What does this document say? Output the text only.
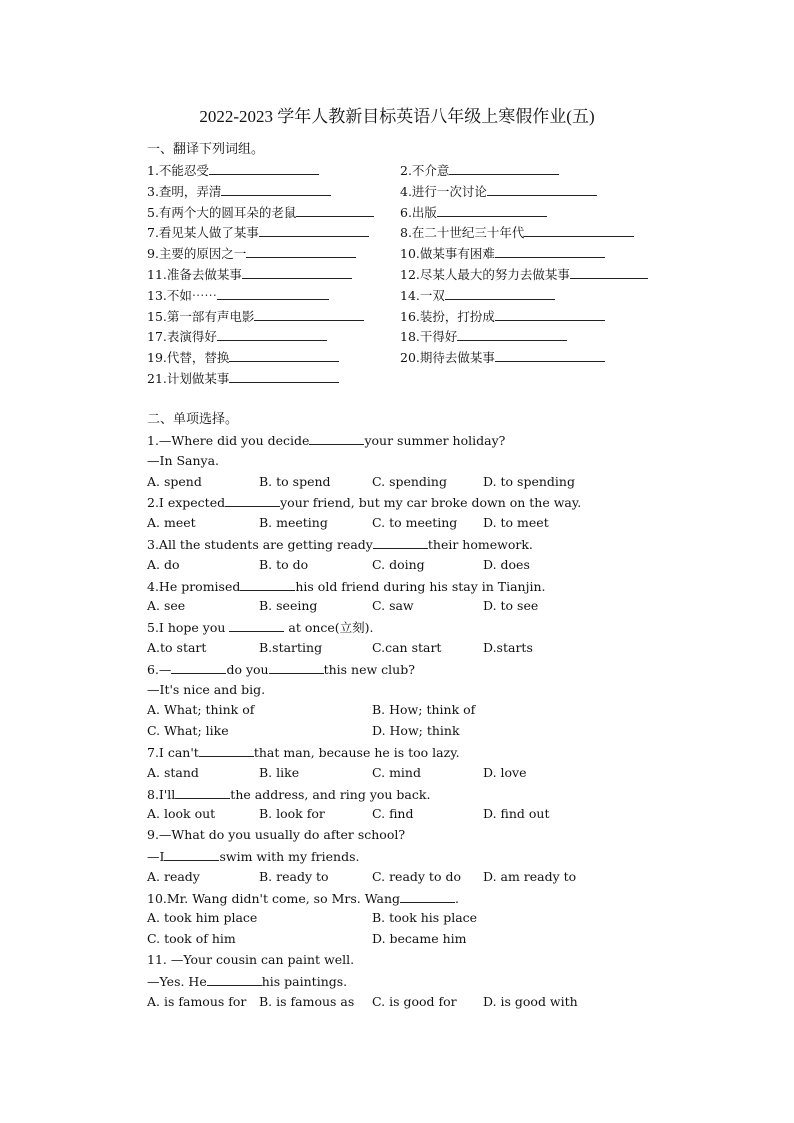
2022-2023 学年人教新目标英语八年级上寒假作业(五)
一、翻译下列词组。
1.不能忍受	2.不介意
3.查明，弄清	4.进行一次讨论
5.有两个大的圆耳朵的老鼠	6.出版
7.看见某人做了某事	8.在二十世纪三十年代
9.主要的原因之一	10.做某事有困难
11.准备去做某事	12.尽某人最大的努力去做某事
13.不如⋯⋯	14.一双
15.第一部有声电影	16.装扮，打扮成
17.表演得好	18.干得好
19.代替，替换	20.期待去做某事
21.计划做某事
二、单项选择。
1.—Where did you decide	your summer holiday?
—In Sanya.
A. spend	B. to spend	C. spending	D. to spending
2.I expected	your friend, but my car broke down on the way.
A. meet	B. meeting	C. to meeting D. to meet
3.All the students are getting ready	their homework.
A. do	B. to do	C. doing	D. does
4.He promised	his old friend during his stay in Tianjin.
A. see	B. seeing	C. saw	D. to see
5.I hope you	at once(立刻).
A.to start	B.starting	C.can start	D.starts
6.—	do you	this new club?
—It's nice and big.
A. What; think of	B. How; think of
C. What; like	D. How; think
7.I can't	that man, because he is too lazy.
A. stand	B. like	C. mind	D. love
8.I'll	the address, and ring you back.
A. look out	B. look for	C. find	D. find out
9.—What do you usually do after school?
—I	swim with my friends.
A. ready	B. ready to	C. ready to do D. am ready to
10.Mr. Wang didn't come, so Mrs. Wang	.
A. took him place	B. took his place
C. took of him	D. became him
11. —Your cousin can paint well.
—Yes. He	his paintings.
A. is famous for B. is famous as C. is good for D. is good with
